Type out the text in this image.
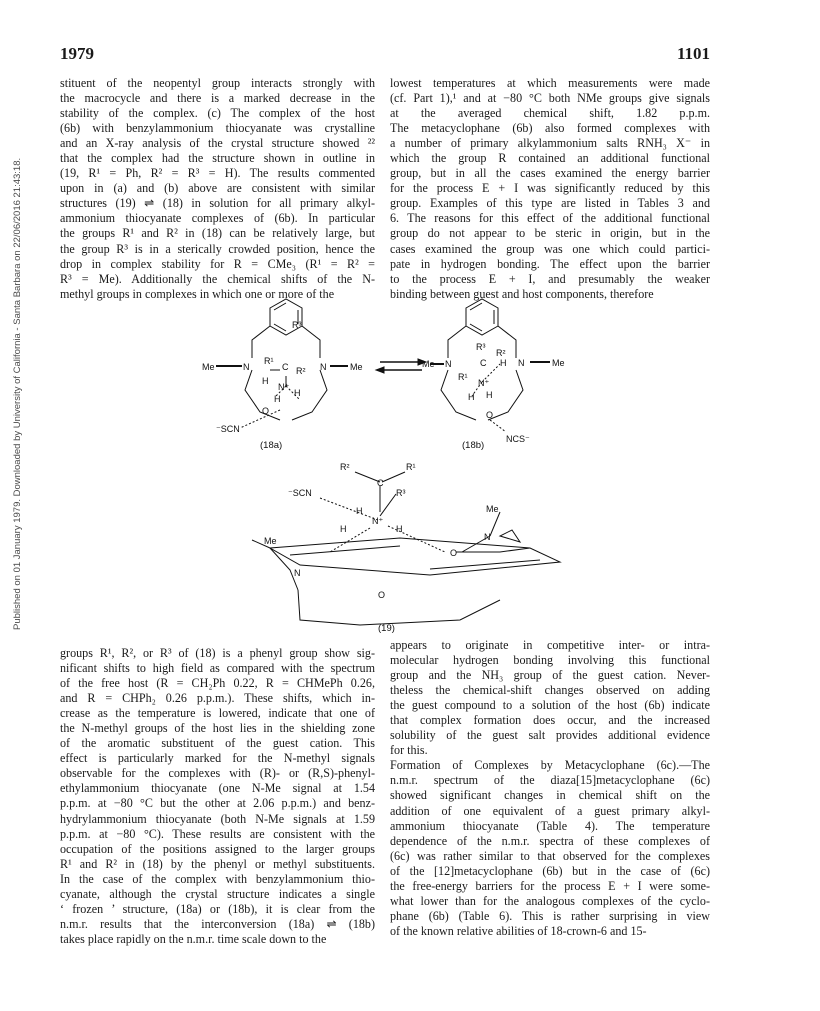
1979	1101
Published on 01 January 1979. Downloaded by University of California - Santa Barbara on 22/06/2016 21:43:18.
stituent of the neopentyl group interacts strongly with
the macrocycle and there is a marked decrease in the
stability of the complex. (c) The complex of the host
(6b) with benzylammonium thiocyanate was crystalline
and an X-ray analysis of the crystal structure showed ²²
that the complex had the structure shown in outline in
(19, R¹ = Ph, R² = R³ = H). The results commented
upon in (a) and (b) above are consistent with similar
structures (19) ⇌ (18) in solution for all primary alkyl-
ammonium thiocyanate complexes of (6b). In particular
the groups R¹ and R² in (18) can be relatively large, but
the group R³ is in a sterically crowded position, hence the
drop in complex stability for R = CMe₃ (R¹ = R² =
R³ = Me). Additionally the chemical shifts of the N-
methyl groups in complexes in which one or more of the
lowest temperatures at which measurements were made
(cf. Part 1),¹ and at −80 °C both NMe groups give signals
at the averaged chemical shift, 1.82 p.p.m.
The metacyclophane (6b) also formed complexes with
a number of primary alkylammonium salts RNH₃ X⁻ in
which the group R contained an additional functional
group, but in all the cases examined the energy barrier
for the process E + I was significantly reduced by this
group. Examples of this type are listed in Tables 3 and
6. The reasons for this effect of the additional functional
group do not appear to be steric in origin, but in the
cases examined the group was one which could partici-
pate in hydrogen bonding. The effect upon the barrier
to the process E + I, and presumably the weaker
binding between guest and host components, therefore
Me	N
R³
R¹
C	N	Me
H
N⁺
R²
H
H
O
⁻SCN
(18a)
Me N
R³
R²
C H N	Me
R¹
N⁺
H H
O
NCS⁻
(18b)
R²	R¹
C
R³
⁻SCN
H
N⁺
H	H
O
Me
N
Me
N
O
(19)
groups R¹, R², or R³ of (18) is a phenyl group show sig-
nificant shifts to high field as compared with the spectrum
of the free host (R = CH₂Ph 0.22, R = CHMePh 0.26,
and R = CHPh₂ 0.26 p.p.m.). These shifts, which in-
crease as the temperature is lowered, indicate that one of
the N-methyl groups of the host lies in the shielding zone
of the aromatic substituent of the guest cation. This
effect is particularly marked for the N-methyl signals
observable for the complexes with (R)- or (R,S)-phenyl-
ethylammonium thiocyanate (one N-Me signal at 1.54
p.p.m. at −80 °C but the other at 2.06 p.p.m.) and benz-
hydrylammonium thiocyanate (both N-Me signals at 1.59
p.p.m. at −80 °C). These results are consistent with the
occupation of the positions assigned to the larger groups
R¹ and R² in (18) by the phenyl or methyl substituents.
In the case of the complex with benzylammonium thio-
cyanate, although the crystal structure indicates a single
‘ frozen ’ structure, (18a) or (18b), it is clear from the
n.m.r. results that the interconversion (18a) ⇌ (18b)
takes place rapidly on the n.m.r. time scale down to the
appears to originate in competitive inter- or intra-
molecular hydrogen bonding involving this functional
group and the NH₃ group of the guest cation. Never-
theless the chemical-shift changes observed on adding
the guest compound to a solution of the host (6b) indicate
that complex formation does occur, and the increased
solubility of the guest salt provides additional evidence
for this.
Formation of Complexes by Metacyclophane (6c).—The
n.m.r. spectrum of the diaza[15]metacyclophane (6c)
showed significant changes in chemical shift on the
addition of one equivalent of a guest primary alkyl-
ammonium thiocyanate (Table 4). The temperature
dependence of the n.m.r. spectra of these complexes of
(6c) was rather similar to that observed for the complexes
of the [12]metacyclophane (6b) but in the case of (6c)
the free-energy barriers for the process E + I were some-
what lower than for the analogous complexes of the cyclo-
phane (6b) (Table 6). This is rather surprising in view
of the known relative abilities of 18-crown-6 and 15-
